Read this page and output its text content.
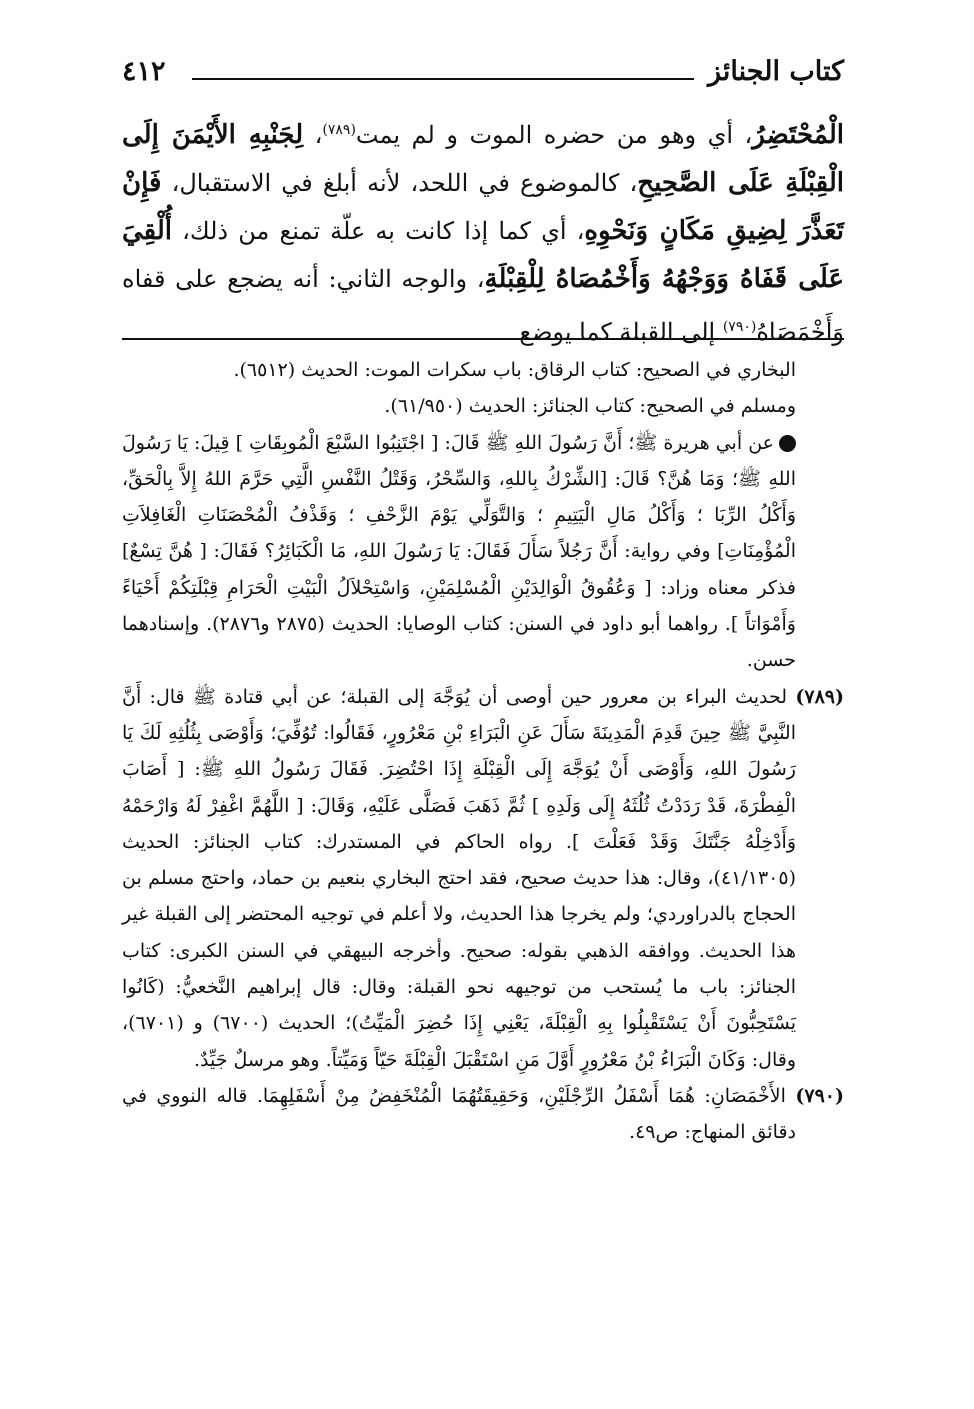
كتاب الجنائز
٤١٢

الْمُحْتَضِرُ، أي وهو من حضره الموت و لم يمت$^{(٧٨٩)}$، لِجَنْبِهِ الأَيْمَنَ إِلَى الْقِبْلَةِ عَلَى الصَّحِيحِ، كالموضوع في اللحد، لأنه أبلغ في الاستقبال، فَإِنْ تَعَذَّرَ لِضِيقِ مَكَانٍ وَنَحْوِهِ، أي كما إذا كانت به علّة تمنع من ذلك، أُلْقِيَ عَلَى قَفَاهُ وَوَجْهُهُ وَأَخْمُصَاهُ لِلْقِبْلَةِ، والوجه الثاني: أنه يضجع على قفاه وَأَخْمَصَاهُ$^{(٧٩٠)}$ إلى القبلة كما يوضع

البخاري في الصحيح: كتاب الرقاق: باب سكرات الموت: الحديث (٦٥١٢).

ومسلم في الصحيح: كتاب الجنائز: الحديث (٦١/٩٥٠).

عن أبي هريرة ﷺ؛ أَنَّ رَسُولَ اللهِ ﷺ قَالَ: [ اجْتَنِبُوا السَّبْعَ الْمُوبِقَاتِ ] قِيلَ: يَا رَسُولَ اللهِ ﷺ؛ وَمَا هُنَّ؟ قَالَ: [الشِّرْكُ بِاللهِ، وَالسِّحْرُ، وَقَتْلُ النَّفْسِ الَّتِي حَرَّمَ اللهُ إِلاَّ بِالْحَقِّ، وَأَكْلُ الرِّبَا ؛ وَأَكْلُ مَالِ الْيَتِيمِ ؛ وَالتَّوَلِّي يَوْمَ الزَّحْفِ ؛ وَقَذْفُ الْمُحْصَنَاتِ الْغَافِلاَتِ الْمُؤْمِنَاتِ] وفي رواية: أَنَّ رَجُلاً سَأَلَ فَقَالَ: يَا رَسُولَ اللهِ، مَا الْكَبَائِرُ؟ فَقَالَ: [ هُنَّ تِسْعٌ] فذكر معناه وزاد: [ وَعُقُوقُ الْوَالِدَيْنِ الْمُسْلِمَيْنِ، وَاسْتِحْلاَلُ الْبَيْتِ الْحَرَامِ قِبْلَتِكُمْ أَحْيَاءً وَأَمْوَاتاً ]. رواهما أبو داود في السنن: كتاب الوصايا: الحديث (٢٨٧٥ و٢٨٧٦). وإسنادهما حسن.

(٧٨٩) لحديث البراء بن معرور حين أوصى أن يُوَجَّهَ إلى القبلة؛ عن أبي قتادة ﷺ قال: أَنَّ النَّبِيَّ ﷺ حِينَ قَدِمَ الْمَدِينَةَ سَأَلَ عَنِ الْبَرَاءِ بْنِ مَعْرُورٍ، فَقَالُوا: تُوُفِّيَ؛ وَأَوْصَى بِثُلُثِهِ لَكَ يَا رَسُولَ اللهِ، وَأَوْصَى أَنْ يُوَجَّهَ إِلَى الْقِبْلَةِ إِذَا احْتُضِرَ. فَقَالَ رَسُولُ اللهِ ﷺ: [ أَصَابَ الْفِطْرَةَ، قَدْ رَدَدْتُ ثُلُثَهُ إِلَى وَلَدِهِ ] ثُمَّ ذَهَبَ فَصَلَّى عَلَيْهِ، وَقَالَ: [ اللَّهُمَّ اغْفِرْ لَهُ وَارْحَمْهُ وَأَدْخِلْهُ جَنَّتَكَ وَقَدْ فَعَلْتَ ]. رواه الحاكم في المستدرك: كتاب الجنائز: الحديث (٤١/١٣٠٥)، وقال: هذا حديث صحيح، فقد احتج البخاري بنعيم بن حماد، واحتج مسلم بن الحجاج بالدراوردي؛ ولم يخرجا هذا الحديث، ولا أعلم في توجيه المحتضر إلى القبلة غير هذا الحديث. ووافقه الذهبي بقوله: صحيح. وأخرجه البيهقي في السنن الكبرى: كتاب الجنائز: باب ما يُستحب من توجيهه نحو القبلة: وقال: قال إبراهيم النَّخعيُّ: (كَانُوا يَسْتَحِبُّونَ أَنْ يَسْتَقْبِلُوا بِهِ الْقِبْلَةَ، يَعْنِي إِذَا حُضِرَ الْمَيِّتُ)؛ الحديث (٦٧٠٠) و (٦٧٠١)، وقال: وَكَانَ الْبَرَاءُ بْنُ مَعْرُورٍ أَوَّلَ مَنِ اسْتَقْبَلَ الْقِبْلَةَ حَيّاً وَمَيِّتاً. وهو مرسلٌ جَيِّدٌ.

(٧٩٠) الأَخْمَصَانِ: هُمَا أَسْفَلُ الرِّجْلَيْنِ، وَحَقِيقَتُهُمَا الْمُنْخَفِضُ مِنْ أَسْفَلِهِمَا. قاله النووي في دقائق المنهاج: ص٤٩.
